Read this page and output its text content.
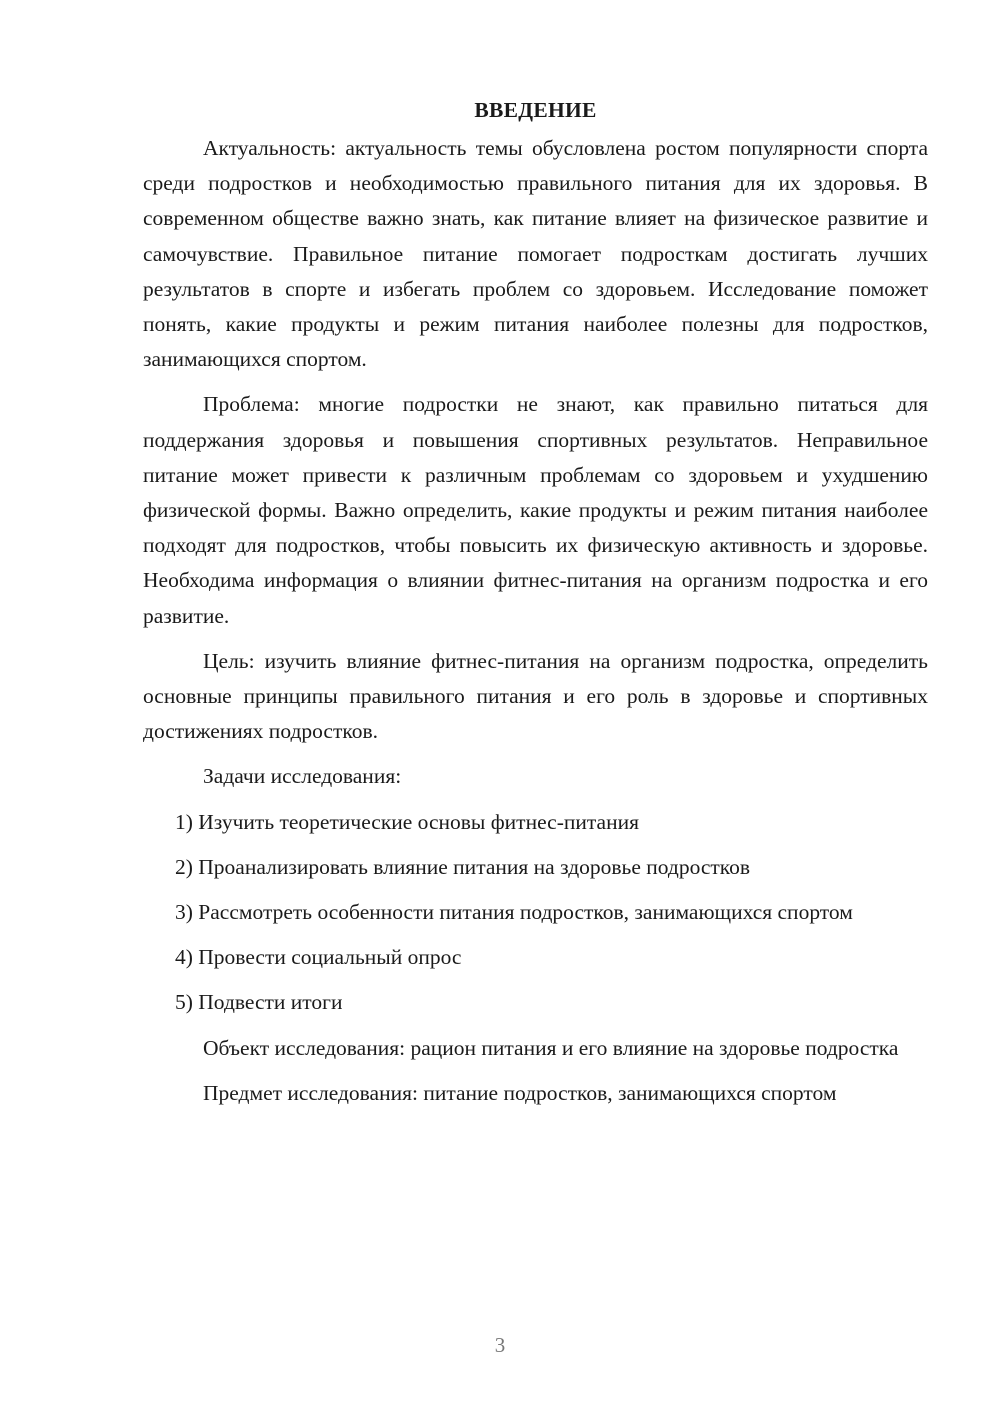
ВВЕДЕНИЕ

Актуальность: актуальность темы обусловлена ростом популярности спорта среди подростков и необходимостью правильного питания для их здоровья. В современном обществе важно знать, как питание влияет на физическое развитие и самочувствие. Правильное питание помогает подросткам достигать лучших результатов в спорте и избегать проблем со здоровьем. Исследование поможет понять, какие продукты и режим питания наиболее полезны для подростков, занимающихся спортом.

Проблема: многие подростки не знают, как правильно питаться для поддержания здоровья и повышения спортивных результатов. Неправильное питание может привести к различным проблемам со здоровьем и ухудшению физической формы. Важно определить, какие продукты и режим питания наиболее подходят для подростков, чтобы повысить их физическую активность и здоровье. Необходима информация о влиянии фитнес-питания на организм подростка и его развитие.

Цель: изучить влияние фитнес-питания на организм подростка, определить основные принципы правильного питания и его роль в здоровье и спортивных достижениях подростков.

Задачи исследования:

1) Изучить теоретические основы фитнес-питания

2) Проанализировать влияние питания на здоровье подростков

3) Рассмотреть особенности питания подростков, занимающихся спортом

4) Провести социальный опрос

5) Подвести итоги

Объект исследования: рацион питания и его влияние на здоровье подростка

Предмет исследования: питание подростков, занимающихся спортом

3
